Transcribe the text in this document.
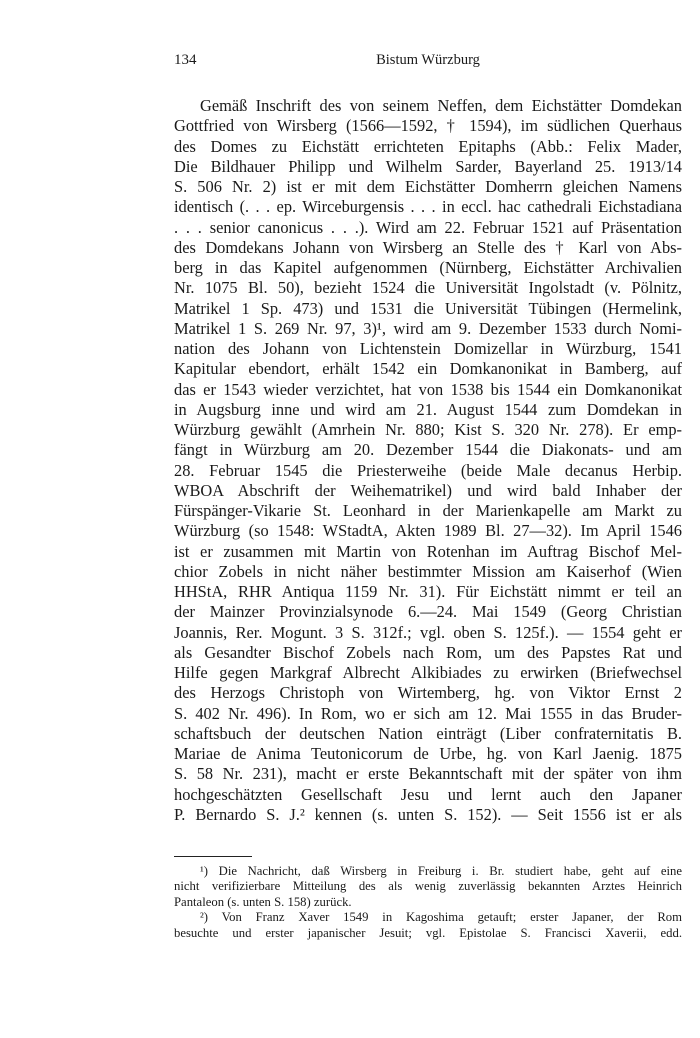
134	Bistum Würzburg
Gemäß Inschrift des von seinem Neffen, dem Eichstätter Domdekan
Gottfried von Wirsberg (1566—1592, † 1594), im südlichen Querhaus
des Domes zu Eichstätt errichteten Epitaphs (Abb.: Felix Mader,
Die Bildhauer Philipp und Wilhelm Sarder, Bayerland 25. 1913/14
S. 506 Nr. 2) ist er mit dem Eichstätter Domherrn gleichen Namens
identisch (. . . ep. Wirceburgensis . . . in eccl. hac cathedrali Eichstadiana
. . . senior canonicus . . .). Wird am 22. Februar 1521 auf Präsentation
des Domdekans Johann von Wirsberg an Stelle des † Karl von Abs-
berg in das Kapitel aufgenommen (Nürnberg, Eichstätter Archivalien
Nr. 1075 Bl. 50), bezieht 1524 die Universität Ingolstadt (v. Pölnitz,
Matrikel 1 Sp. 473) und 1531 die Universität Tübingen (Hermelink,
Matrikel 1 S. 269 Nr. 97, 3)¹, wird am 9. Dezember 1533 durch Nomi-
nation des Johann von Lichtenstein Domizellar in Würzburg, 1541
Kapitular ebendort, erhält 1542 ein Domkanonikat in Bamberg, auf
das er 1543 wieder verzichtet, hat von 1538 bis 1544 ein Domkanonikat
in Augsburg inne und wird am 21. August 1544 zum Domdekan in
Würzburg gewählt (Amrhein Nr. 880; Kist S. 320 Nr. 278). Er emp-
fängt in Würzburg am 20. Dezember 1544 die Diakonats- und am
28. Februar 1545 die Priesterweihe (beide Male decanus Herbip.
WBOA Abschrift der Weihematrikel) und wird bald Inhaber der
Fürspänger-Vikarie St. Leonhard in der Marienkapelle am Markt zu
Würzburg (so 1548: WStadtA, Akten 1989 Bl. 27—32). Im April 1546
ist er zusammen mit Martin von Rotenhan im Auftrag Bischof Mel-
chior Zobels in nicht näher bestimmter Mission am Kaiserhof (Wien
HHStA, RHR Antiqua 1159 Nr. 31). Für Eichstätt nimmt er teil an
der Mainzer Provinzialsynode 6.—24. Mai 1549 (Georg Christian
Joannis, Rer. Mogunt. 3 S. 312f.; vgl. oben S. 125f.). — 1554 geht er
als Gesandter Bischof Zobels nach Rom, um des Papstes Rat und
Hilfe gegen Markgraf Albrecht Alkibiades zu erwirken (Briefwechsel
des Herzogs Christoph von Wirtemberg, hg. von Viktor Ernst 2
S. 402 Nr. 496). In Rom, wo er sich am 12. Mai 1555 in das Bruder-
schaftsbuch der deutschen Nation einträgt (Liber confraternitatis B.
Mariae de Anima Teutonicorum de Urbe, hg. von Karl Jaenig. 1875
S. 58 Nr. 231), macht er erste Bekanntschaft mit der später von ihm
hochgeschätzten Gesellschaft Jesu und lernt auch den Japaner
P. Bernardo S. J.² kennen (s. unten S. 152). — Seit 1556 ist er als
¹) Die Nachricht, daß Wirsberg in Freiburg i. Br. studiert habe, geht auf eine
nicht verifizierbare Mitteilung des als wenig zuverlässig bekannten Arztes Heinrich
Pantaleon (s. unten S. 158) zurück.
²) Von Franz Xaver 1549 in Kagoshima getauft; erster Japaner, der Rom
besuchte und erster japanischer Jesuit; vgl. Epistolae S. Francisci Xaverii, edd.
